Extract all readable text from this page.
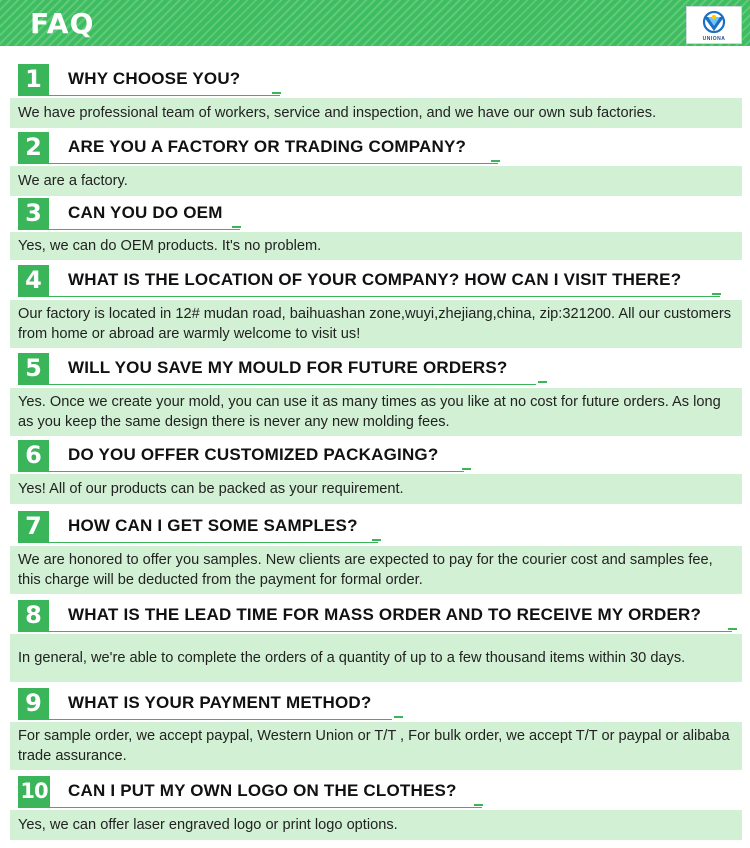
FAQ	UNIONA
1	WHY CHOOSE YOU?
We have professional team of workers, service and inspection, and we have our own sub factories.
2	ARE YOU A FACTORY OR TRADING COMPANY?
We are a factory.
3	CAN YOU DO OEM
Yes, we can do OEM products. It's no problem.
4	WHAT IS THE LOCATION OF YOUR COMPANY? HOW CAN I VISIT THERE?
Our factory is located in 12# mudan road, baihuashan zone,wuyi,zhejiang,china, zip:321200. All our customers from home or abroad are warmly welcome to visit us!
5	WILL YOU SAVE MY MOULD FOR FUTURE ORDERS?
Yes. Once we create your mold, you can use it as many times as you like at no cost for future orders. As long as you keep the same design there is never any new molding fees.
6	DO YOU OFFER CUSTOMIZED PACKAGING?
Yes! All of our products can be packed as your requirement.
7	HOW CAN I GET SOME SAMPLES?
We are honored to offer you samples. New clients are expected to pay for the courier cost and samples fee, this charge will be deducted from the payment for formal order.
8	WHAT IS THE LEAD TIME FOR MASS ORDER AND TO RECEIVE MY ORDER?
In general, we're able to complete the orders of a quantity of up to a few thousand items within 30 days.
9	WHAT IS YOUR PAYMENT METHOD?
For sample order, we accept paypal, Western Union or T/T , For bulk order, we accept T/T or paypal or alibaba trade assurance.
10 CAN I PUT MY OWN LOGO ON THE CLOTHES?
Yes, we can offer laser engraved logo or print logo options.
